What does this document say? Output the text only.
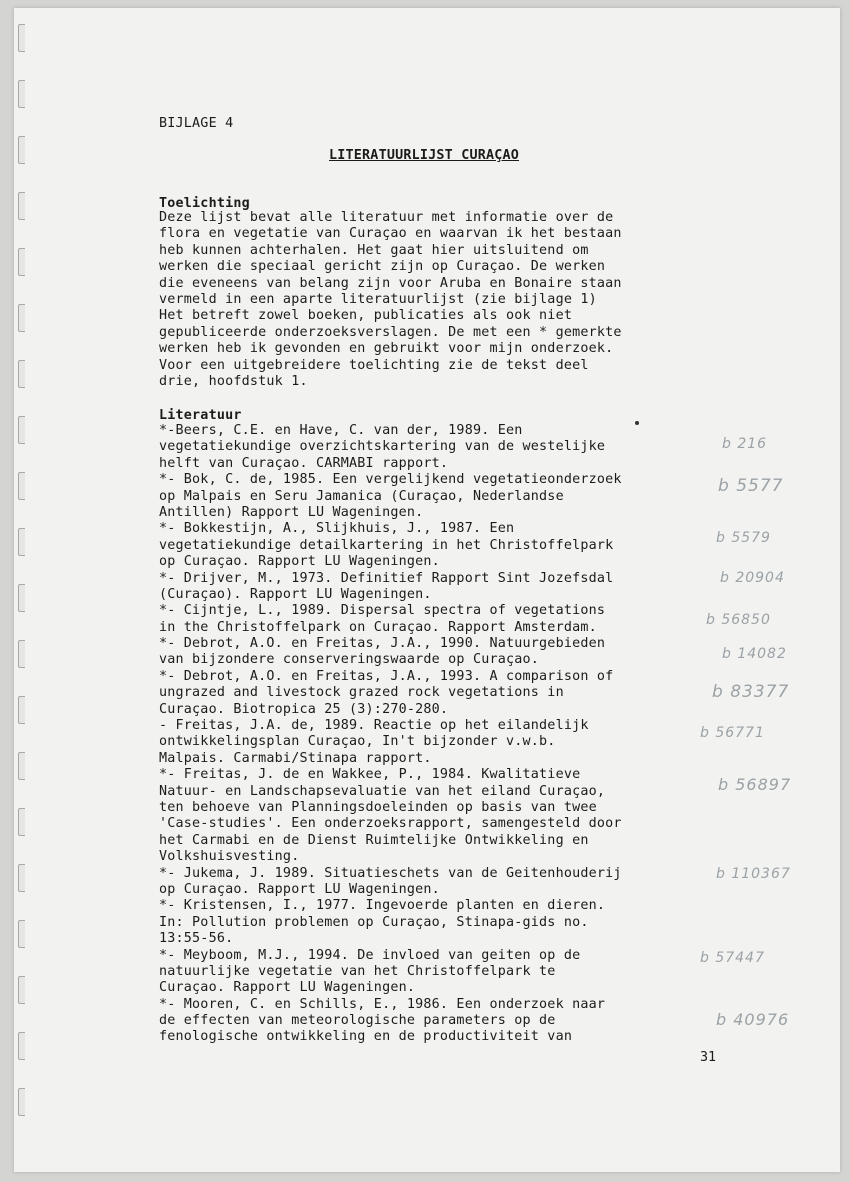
BIJLAGE 4
LITERATUURLIJST CURAÇAO
Toelichting
Deze lijst bevat alle literatuur met informatie over de
flora en vegetatie van Curaçao en waarvan ik het bestaan
heb kunnen achterhalen. Het gaat hier uitsluitend om
werken die speciaal gericht zijn op Curaçao. De werken
die eveneens van belang zijn voor Aruba en Bonaire staan
vermeld in een aparte literatuurlijst (zie bijlage 1)
Het betreft zowel boeken, publicaties als ook niet
gepubliceerde onderzoeksverslagen. De met een * gemerkte
werken heb ik gevonden en gebruikt voor mijn onderzoek.
Voor een uitgebreidere toelichting zie de tekst deel
drie, hoofdstuk 1.
Literatuur
*-Beers, C.E. en Have, C. van der, 1989. Een
vegetatiekundige overzichtskartering van de westelijke
helft van Curaçao. CARMABI rapport.
*- Bok, C. de, 1985. Een vergelijkend vegetatieonderzoek
op Malpais en Seru Jamanica (Curaçao, Nederlandse
Antillen) Rapport LU Wageningen.
*- Bokkestijn, A., Slijkhuis, J., 1987. Een
vegetatiekundige detailkartering in het Christoffelpark
op Curaçao. Rapport LU Wageningen.
*- Drijver, M., 1973. Definitief Rapport Sint Jozefsdal
(Curaçao). Rapport LU Wageningen.
*- Cijntje, L., 1989. Dispersal spectra of vegetations
in the Christoffelpark on Curaçao. Rapport Amsterdam.
*- Debrot, A.O. en Freitas, J.A., 1990. Natuurgebieden
van bijzondere conserveringswaarde op Curaçao.
*- Debrot, A.O. en Freitas, J.A., 1993. A comparison of
ungrazed and livestock grazed rock vegetations in
Curaçao. Biotropica 25 (3):270-280.
- Freitas, J.A. de, 1989. Reactie op het eilandelijk
ontwikkelingsplan Curaçao, In't bijzonder v.w.b.
Malpais. Carmabi/Stinapa rapport.
*- Freitas, J. de en Wakkee, P., 1984. Kwalitatieve
Natuur- en Landschapsevaluatie van het eiland Curaçao,
ten behoeve van Planningsdoeleinden op basis van twee
'Case-studies'. Een onderzoeksrapport, samengesteld door
het Carmabi en de Dienst Ruimtelijke Ontwikkeling en
Volkshuisvesting.
*- Jukema, J. 1989. Situatieschets van de Geitenhouderij
op Curaçao. Rapport LU Wageningen.
*- Kristensen, I., 1977. Ingevoerde planten en dieren.
In: Pollution problemen op Curaçao, Stinapa-gids no.
13:55-56.
*- Meyboom, M.J., 1994. De invloed van geiten op de
natuurlijke vegetatie van het Christoffelpark te
Curaçao. Rapport LU Wageningen.
*- Mooren, C. en Schills, E., 1986. Een onderzoek naar
de effecten van meteorologische parameters op de
fenologische ontwikkeling en de productiviteit van
b 216
b 5577
b 5579
b 20904
b 56850
b 14082
b 83377
b 56771
b 56897
b 110367
b 57447
b 40976
31
